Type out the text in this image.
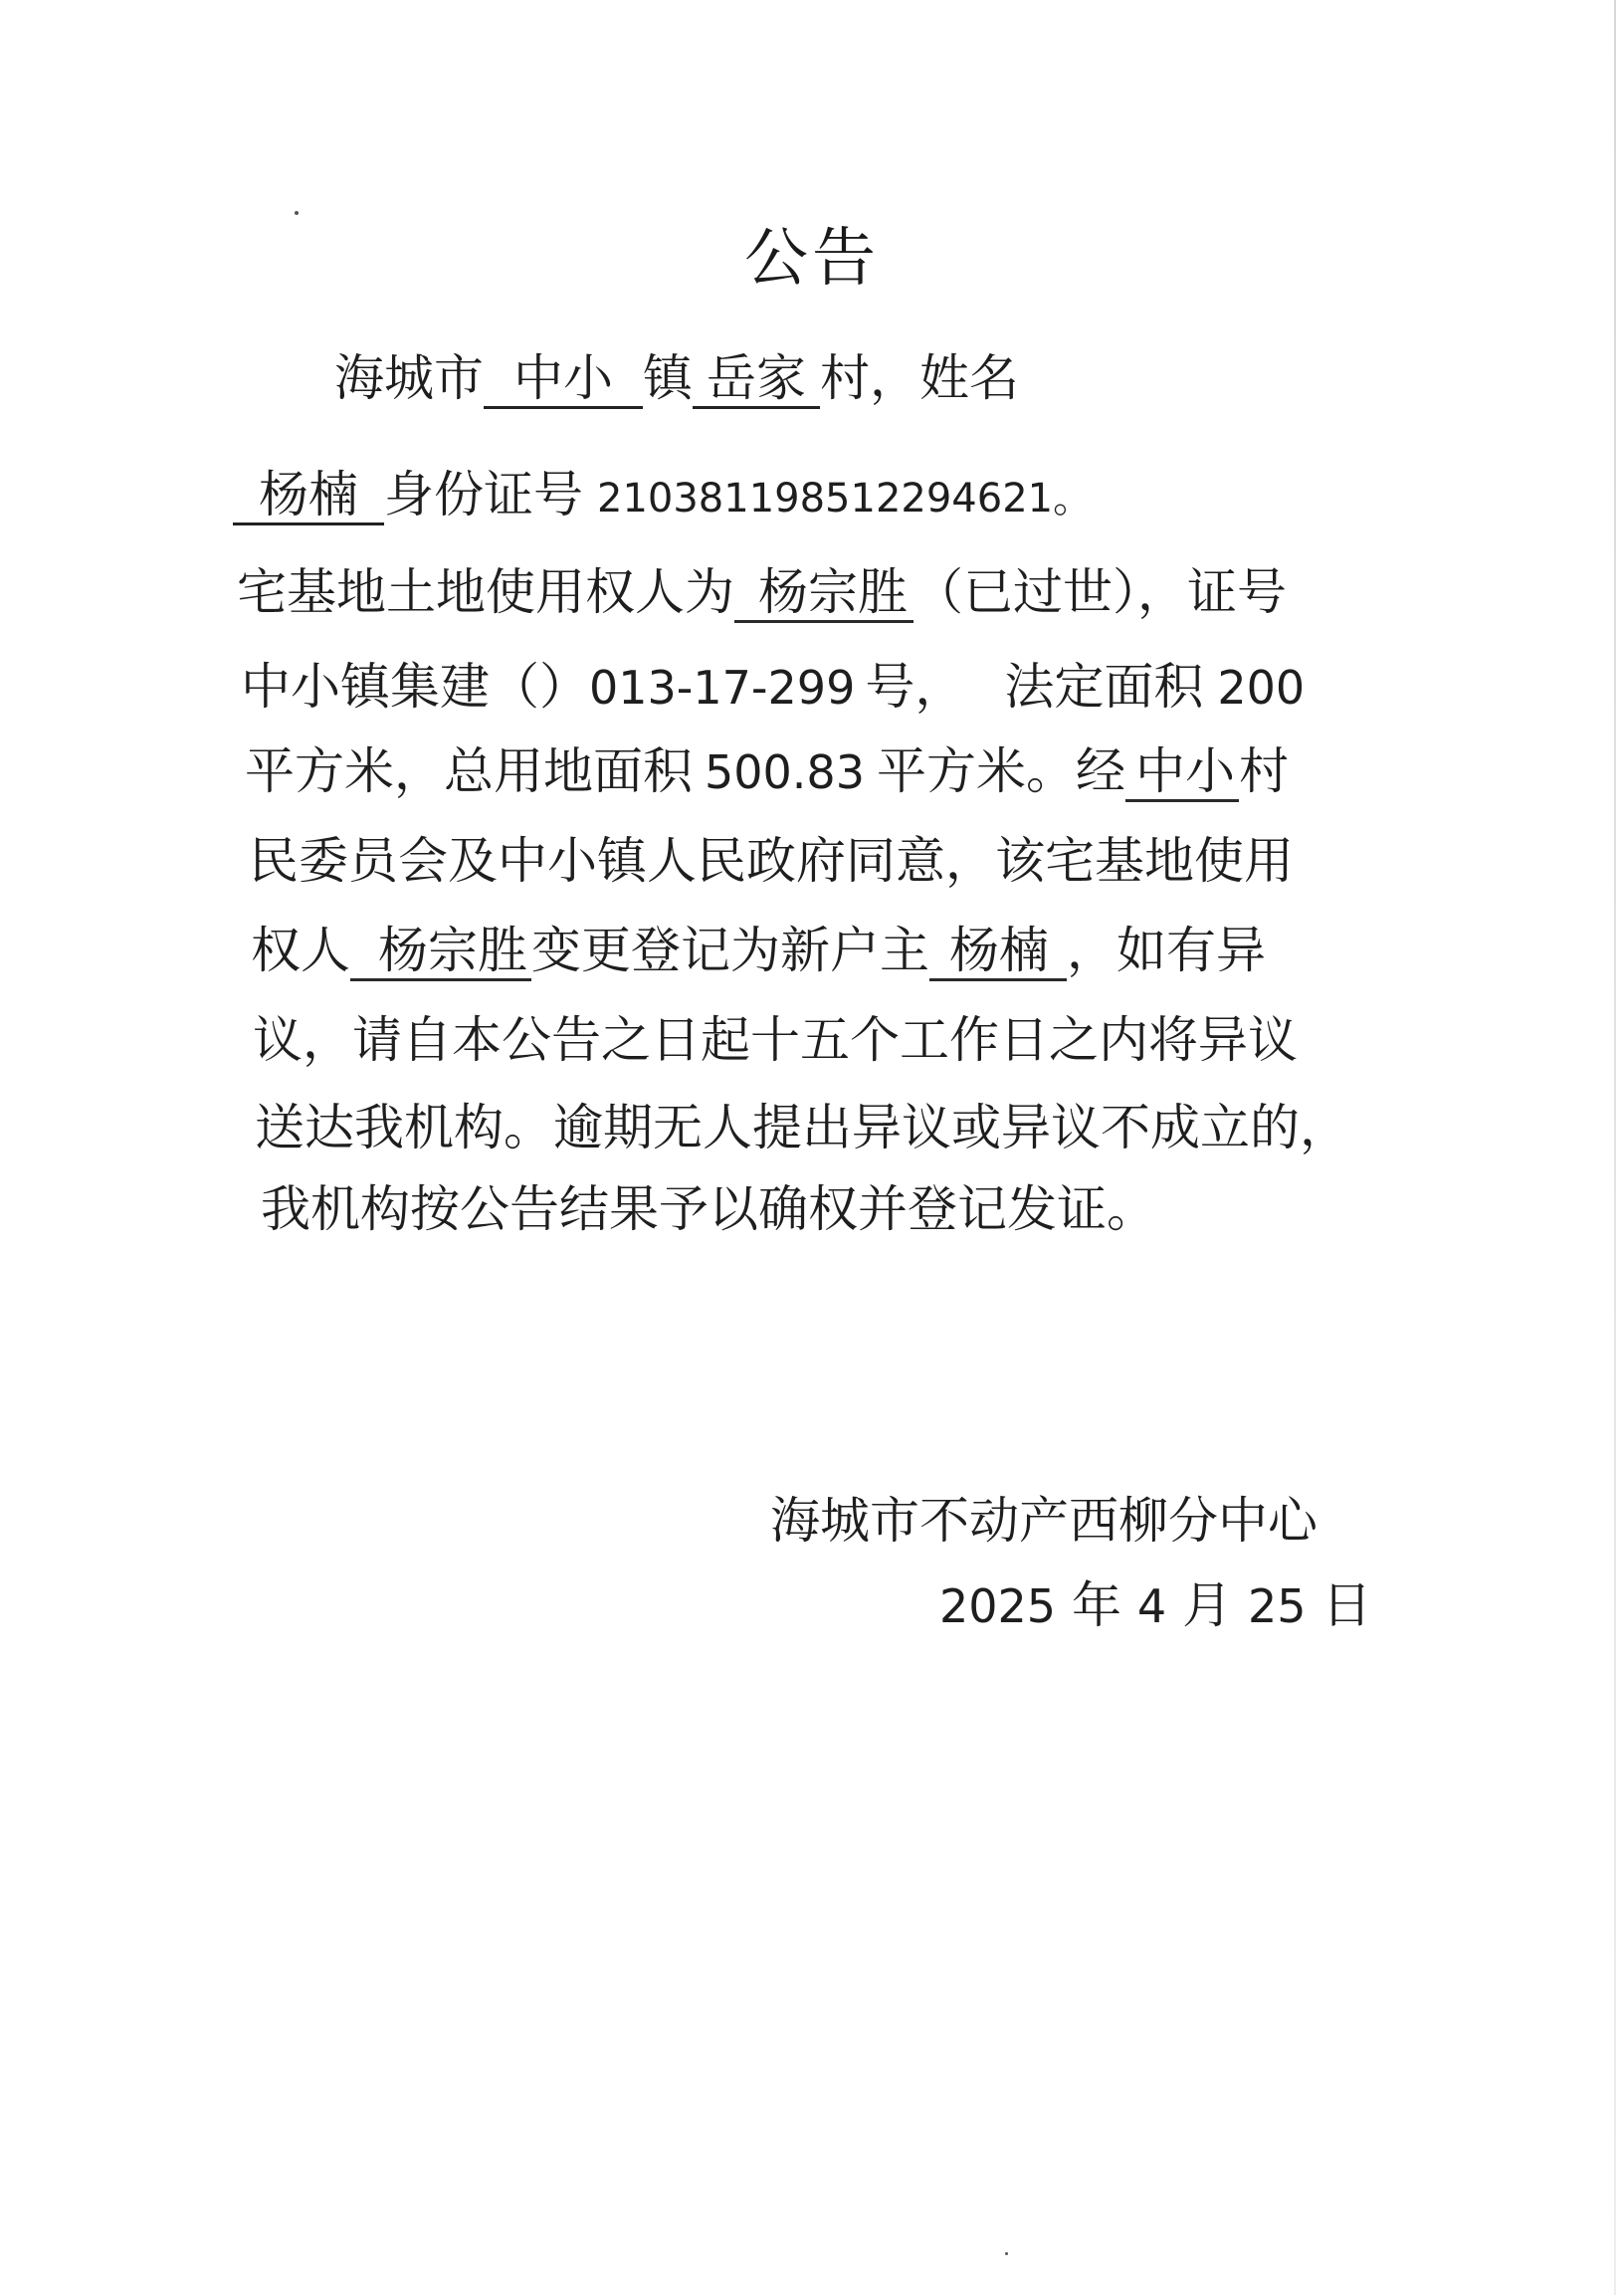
公告
海城市 中小 镇 岳家 村，姓名
杨楠 身份证号 210381198512294621。
宅基地土地使用权人为 杨宗胜 （已过世），证号
中小镇集建（）013-17-299 号， 法定面积 200
平方米，总用地面积 500.83 平方米。经 中小村
民委员会及中小镇人民政府同意，该宅基地使用
权人 杨宗胜变更登记为新户主 杨楠 ，如有异
议，请自本公告之日起十五个工作日之内将异议
送达我机构。逾期无人提出异议或异议不成立的，
我机构按公告结果予以确权并登记发证。
海城市不动产西柳分中心
2025 年 4 月 25 日
